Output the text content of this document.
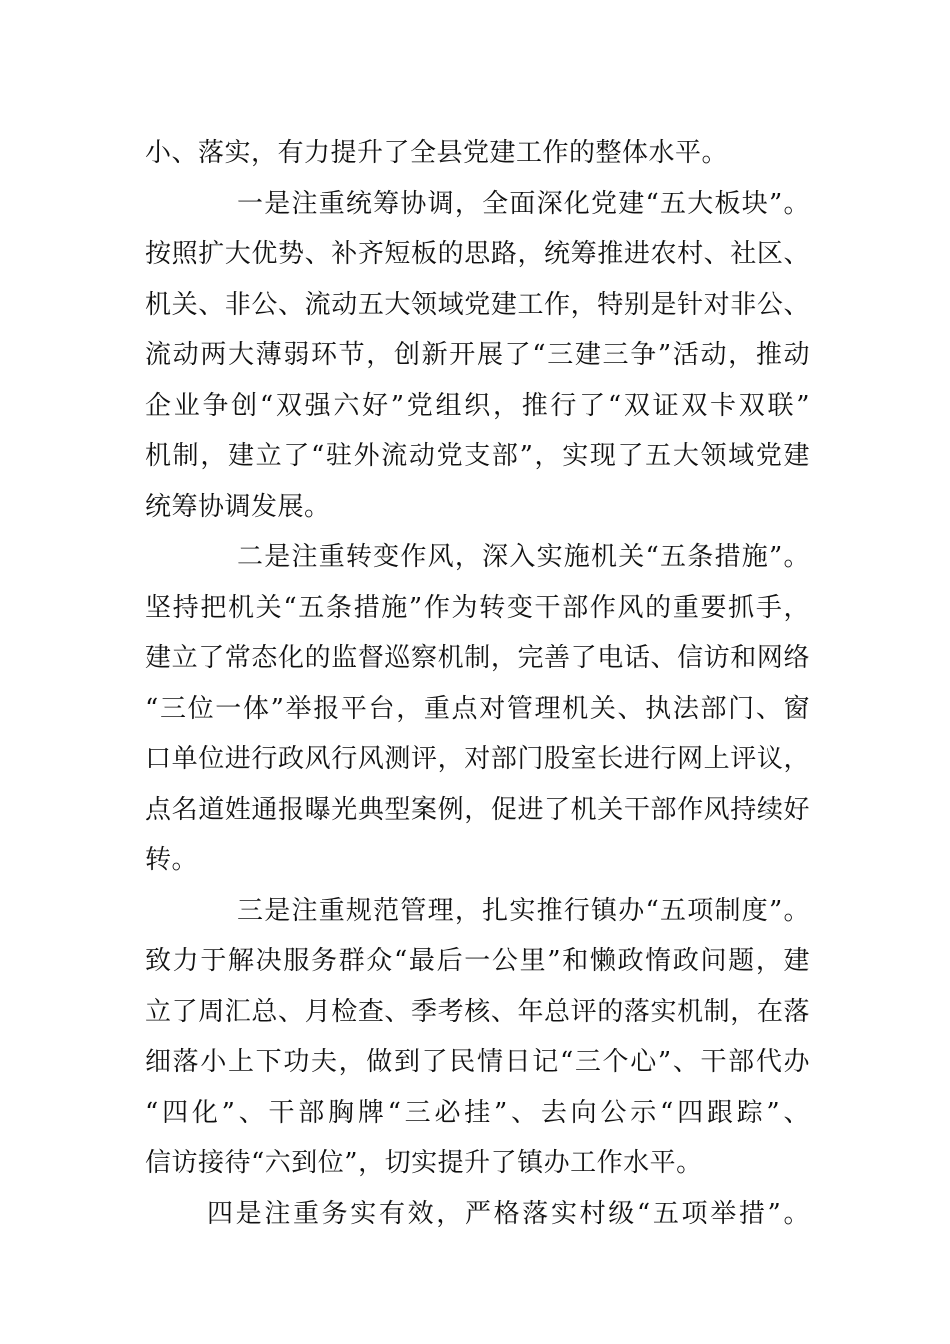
小、落实，有力提升了全县党建工作的整体水平。
一是注重统筹协调，全面深化党建“五大板块”。
按照扩大优势、补齐短板的思路，统筹推进农村、社区、
机关、非公、流动五大领域党建工作，特别是针对非公、
流动两大薄弱环节，创新开展了“三建三争”活动，推动
企业争创“双强六好”党组织，推行了“双证双卡双联”
机制，建立了“驻外流动党支部”，实现了五大领域党建
统筹协调发展。
二是注重转变作风，深入实施机关“五条措施”。
坚持把机关“五条措施”作为转变干部作风的重要抓手，
建立了常态化的监督巡察机制，完善了电话、信访和网络
“三位一体”举报平台，重点对管理机关、执法部门、窗
口单位进行政风行风测评，对部门股室长进行网上评议，
点名道姓通报曝光典型案例，促进了机关干部作风持续好
转。
三是注重规范管理，扎实推行镇办“五项制度”。
致力于解决服务群众“最后一公里”和懒政惰政问题，建
立了周汇总、月检查、季考核、年总评的落实机制，在落
细落小上下功夫，做到了民情日记“三个心”、干部代办
“四化”、干部胸牌“三必挂”、去向公示“四跟踪”、
信访接待“六到位”，切实提升了镇办工作水平。
四是注重务实有效，严格落实村级“五项举措”。
